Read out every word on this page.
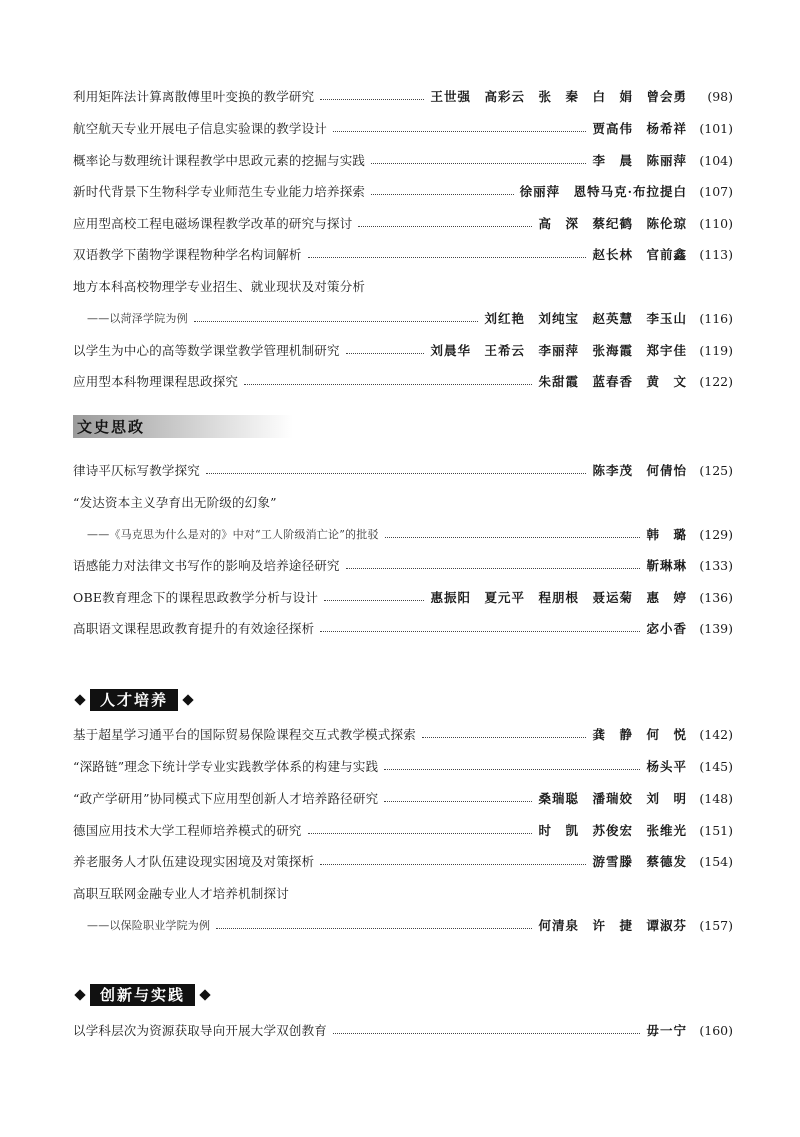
利用矩阵法计算离散傅里叶变换的教学研究	王世强　高彩云　张　秦　白　娟　曾会勇	(98)
航空航天专业开展电子信息实验课的教学设计	贾高伟　杨希祥 (101)
概率论与数理统计课程教学中思政元素的挖掘与实践	李　晨　陈丽萍 (104)
新时代背景下生物科学专业师范生专业能力培养探索	徐丽萍　恩特马克·布拉提白 (107)
应用型高校工程电磁场课程教学改革的研究与探讨	高　深　蔡纪鹤　陈伦琼 (110)
双语教学下菌物学课程物种学名构词解析	赵长林　官前鑫 (113)
地方本科高校物理学专业招生、就业现状及对策分析
——以菏泽学院为例	刘红艳　刘纯宝　赵英慧　李玉山 (116)
以学生为中心的高等数学课堂教学管理机制研究	刘晨华　王希云　李丽萍　张海霞　郑宇佳 (119)
应用型本科物理课程思政探究	朱甜霞　蓝春香　黄　文 (122)
文史思政
律诗平仄标写教学探究	陈李茂　何倩怡 (125)
“发达资本主义孕育出无阶级的幻象”
——《马克思为什么是对的》中对“工人阶级消亡论”的批驳	韩　璐 (129)
语感能力对法律文书写作的影响及培养途径研究	靳琳琳 (133)
OBE教育理念下的课程思政教学分析与设计	惠振阳　夏元平　程朋根　聂运菊　惠　婷 (136)
高职语文课程思政教育提升的有效途径探析	宓小香 (139)
人才培养
基于超星学习通平台的国际贸易保险课程交互式教学模式探索	龚　静　何　悦 (142)
“深路链”理念下统计学专业实践教学体系的构建与实践	杨头平 (145)
“政产学研用”协同模式下应用型创新人才培养路径研究	桑瑞聪　潘瑞姣　刘　明 (148)
德国应用技术大学工程师培养模式的研究	时　凯　苏俊宏　张维光 (151)
养老服务人才队伍建设现实困境及对策探析	游雪滕　蔡德发 (154)
高职互联网金融专业人才培养机制探讨
——以保险职业学院为例	何清泉　许　捷　谭淑芬 (157)
创新与实践
以学科层次为资源获取导向开展大学双创教育	毋一宁 (160)
